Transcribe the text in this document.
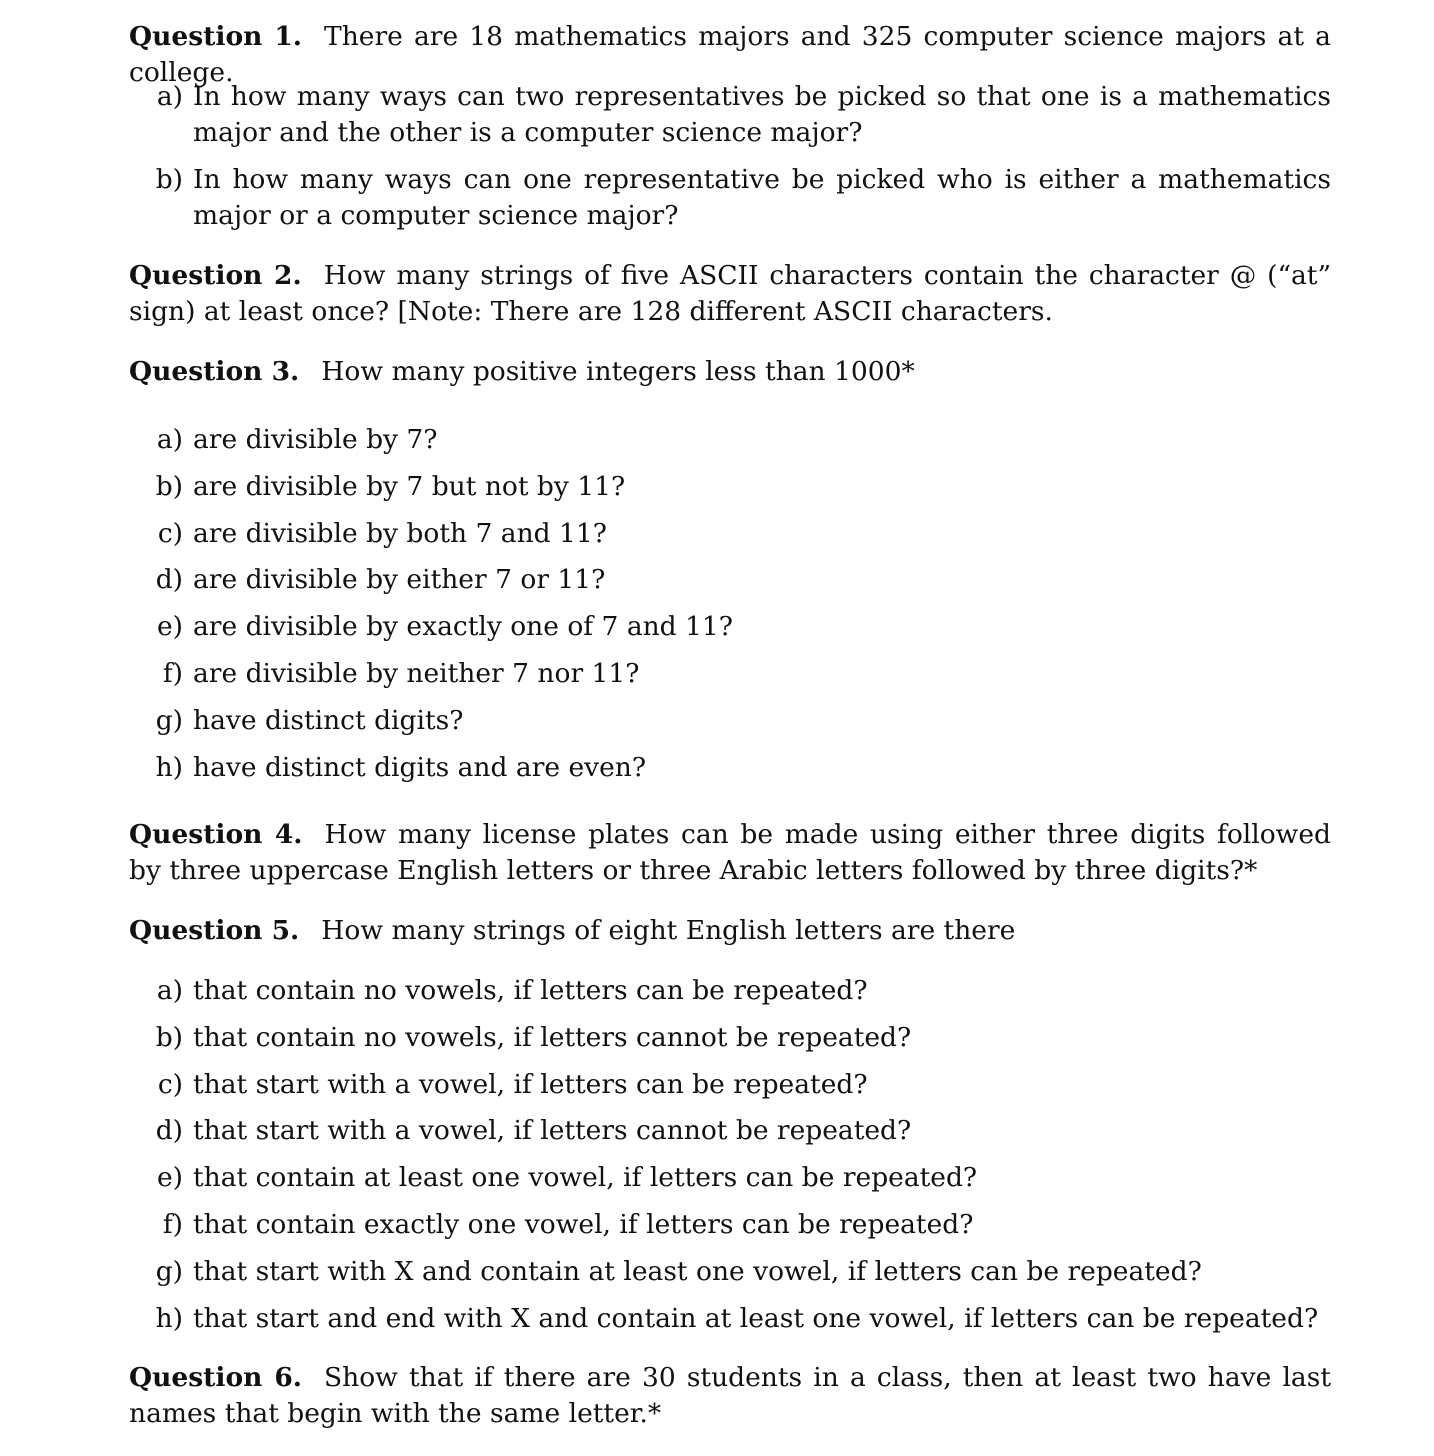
Question 1. There are 18 mathematics majors and 325 computer science majors at a college.

a) In how many ways can two representatives be picked so that one is a mathematics major and the other is a computer science major?
b) In how many ways can one representative be picked who is either a mathematics major or a computer science major?

Question 2. How many strings of five ASCII characters contain the character @ (“at” sign) at least once? [Note: There are 128 different ASCII characters.

Question 3. How many positive integers less than 1000*

a) are divisible by 7?
b) are divisible by 7 but not by 11?
c) are divisible by both 7 and 11?
d) are divisible by either 7 or 11?
e) are divisible by exactly one of 7 and 11?
f) are divisible by neither 7 nor 11?
g) have distinct digits?
h) have distinct digits and are even?

Question 4. How many license plates can be made using either three digits followed by three uppercase English letters or three Arabic letters followed by three digits?*

Question 5. How many strings of eight English letters are there

a) that contain no vowels, if letters can be repeated?
b) that contain no vowels, if letters cannot be repeated?
c) that start with a vowel, if letters can be repeated?
d) that start with a vowel, if letters cannot be repeated?
e) that contain at least one vowel, if letters can be repeated?
f) that contain exactly one vowel, if letters can be repeated?
g) that start with X and contain at least one vowel, if letters can be repeated?
h) that start and end with X and contain at least one vowel, if letters can be repeated?

Question 6. Show that if there are 30 students in a class, then at least two have last names that begin with the same letter.*
